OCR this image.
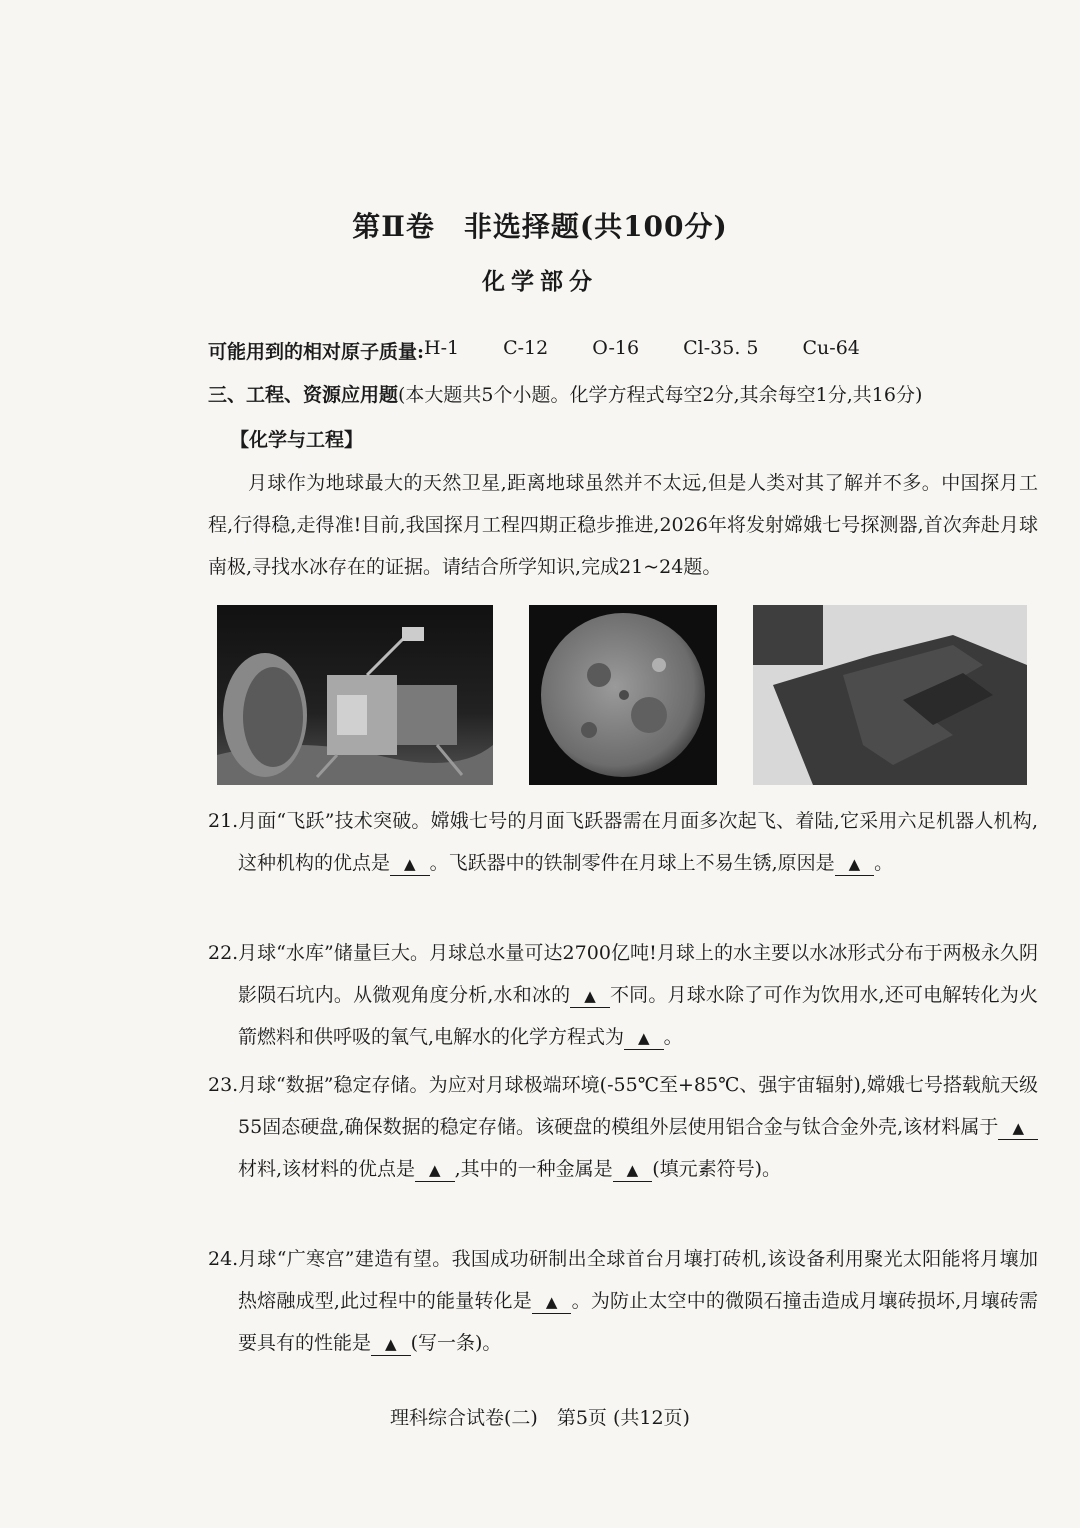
第Ⅱ卷　非选择题(共100分)
化学部分
可能用到的相对原子质量: H-1 C-12 O-16 Cl-35. 5 Cu-64
三、工程、资源应用题(本大题共5个小题。化学方程式每空2分,其余每空1分,共16分)
【化学与工程】
月球作为地球最大的天然卫星,距离地球虽然并不太远,但是人类对其了解并不多。中国探月工程,行得稳,走得准!目前,我国探月工程四期正稳步推进,2026年将发射嫦娥七号探测器,首次奔赴月球南极,寻找水冰存在的证据。请结合所学知识,完成21~24题。
21. 月面“飞跃”技术突破。嫦娥七号的月面飞跃器需在月面多次起飞、着陆,它采用六足机器人机构,这种机构的优点是 ▲ 。飞跃器中的铁制零件在月球上不易生锈,原因是 ▲ 。
22. 月球“水库”储量巨大。月球总水量可达2700亿吨!月球上的水主要以水冰形式分布于两极永久阴影陨石坑内。从微观角度分析,水和冰的 ▲ 不同。月球水除了可作为饮用水,还可电解转化为火箭燃料和供呼吸的氧气,电解水的化学方程式为 ▲ 。
23. 月球“数据”稳定存储。为应对月球极端环境(-55℃至+85℃、强宇宙辐射),嫦娥七号搭载航天级55固态硬盘,确保数据的稳定存储。该硬盘的模组外层使用铝合金与钛合金外壳,该材料属于 ▲材料,该材料的优点是 ▲ ,其中的一种金属是 ▲ (填元素符号)。
24. 月球“广寒宫”建造有望。我国成功研制出全球首台月壤打砖机,该设备利用聚光太阳能将月壤加热熔融成型,此过程中的能量转化是 ▲ 。为防止太空中的微陨石撞击造成月壤砖损坏,月壤砖需要具有的性能是 ▲ (写一条)。
理科综合试卷(二)　第5页 (共12页)
